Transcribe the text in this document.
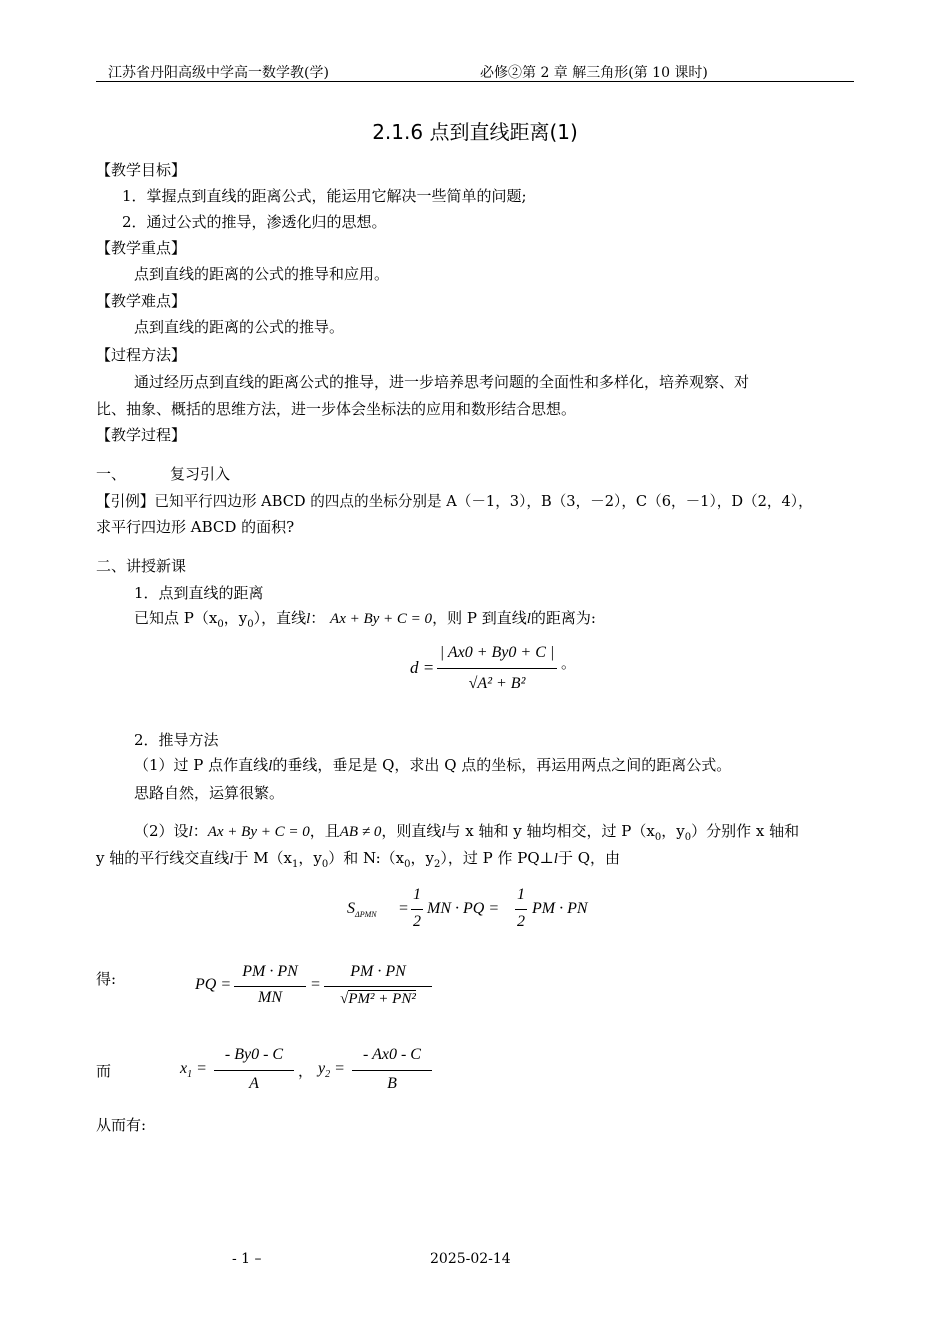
江苏省丹阳高级中学高一数学教(学)	必修②第 2 章 解三角形(第 10 课时)
2.1.6 点到直线距离(1)
【教学目标】
1．掌握点到直线的距离公式，能运用它解决一些简单的问题;
2．通过公式的推导，渗透化归的思想。
【教学重点】
点到直线的距离的公式的推导和应用。
【教学难点】
点到直线的距离的公式的推导。
【过程方法】
通过经历点到直线的距离公式的推导，进一步培养思考问题的全面性和多样化，培养观察、对
比、抽象、概括的思维方法，进一步体会坐标法的应用和数形结合思想。
【教学过程】
一、	复习引入
【引例】已知平行四边形 ABCD 的四点的坐标分别是 A（－1，3），B（3，－2），C（6，－1），D（2，4），
求平行四边形 ABCD 的面积?
二、讲授新课
1．点到直线的距离
已知点 $P(x_0$，$y_0$），直线l： Ax + By + C = 0，则 P 到直线l的距离为:
d =
| Ax0 + By0 + C |
√A² + B²
。
2．推导方法
（1）过 P 点作直线l的垂线，垂足是 Q，求出 Q 点的坐标，再运用两点之间的距离公式。
思路自然，运算很繁。
（2）设l：Ax + By + C = 0，且AB ≠ 0，则直线l与 x 轴和 y 轴均相交，过 $P(x_0$，$y_0$）分别作 x 轴和
y 轴的平行线交直线l于 $M(x_1$，$y_0$）和 $N:(x_0$，$y_2$），过 P 作 PQ⊥l于 Q，由
$S_{\Delta PMN}$ =
1
2
MN · PQ =
1
2
PM · PN
得:	PQ =
PM · PN
MN
=
PM · PN
√PM² + PN²
而	$x_1$ =
- By0 - C
A
， $y_2$ =
- Ax0 - C
B
从而有:
- 1 –	2025-02-14
